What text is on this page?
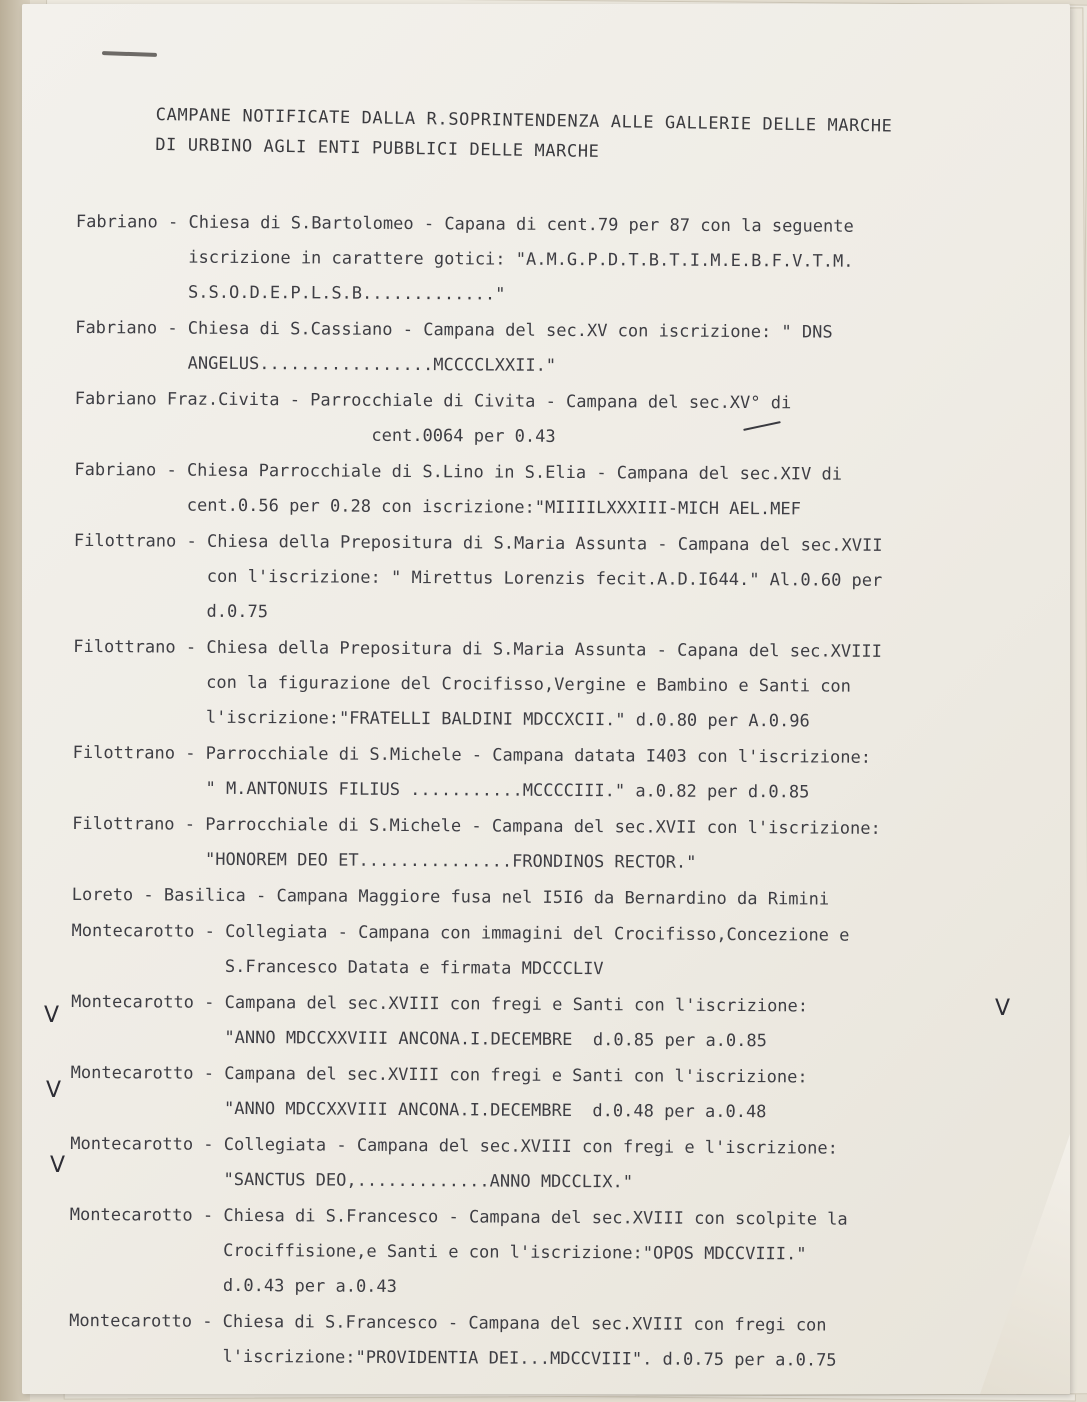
CAMPANE NOTIFICATE DALLA R.SOPRINTENDENZA ALLE GALLERIE DELLE MARCHE
DI URBINO AGLI ENTI PUBBLICI DELLE MARCHE
Fabriano - Chiesa di S.Bartolomeo - Capana di cent.79 per 87 con la seguente
iscrizione in carattere gotici: "A.M.G.P.D.T.B.T.I.M.E.B.F.V.T.M.
S.S.O.D.E.P.L.S.B............."
Fabriano - Chiesa di S.Cassiano - Campana del sec.XV con iscrizione: " DNS
ANGELUS.................MCCCCLXXII."
Fabriano Fraz.Civita - Parrocchiale di Civita - Campana del sec.XV° di
cent.0064 per 0.43
Fabriano - Chiesa Parrocchiale di S.Lino in S.Elia - Campana del sec.XIV di
cent.0.56 per 0.28 con iscrizione:"MIIIILXXXIII-MICH AEL.MEF
Filottrano - Chiesa della Prepositura di S.Maria Assunta - Campana del sec.XVII
con l'iscrizione: " Mirettus Lorenzis fecit.A.D.I644." Al.0.60 per
d.0.75
Filottrano - Chiesa della Prepositura di S.Maria Assunta - Capana del sec.XVIII
con la figurazione del Crocifisso,Vergine e Bambino e Santi con
l'iscrizione:"FRATELLI BALDINI MDCCXCII." d.0.80 per A.0.96
Filottrano - Parrocchiale di S.Michele - Campana datata I403 con l'iscrizione:
" M.ANTONUIS FILIUS ...........MCCCCIII." a.0.82 per d.0.85
Filottrano - Parrocchiale di S.Michele - Campana del sec.XVII con l'iscrizione:
"HONOREM DEO ET...............FRONDINOS RECTOR."
Loreto - Basilica - Campana Maggiore fusa nel I5I6 da Bernardino da Rimini
Montecarotto - Collegiata - Campana con immagini del Crocifisso,Concezione e
S.Francesco Datata e firmata MDCCCLIV
Montecarotto - Campana del sec.XVIII con fregi e Santi con l'iscrizione:
"ANNO MDCCXXVIII ANCONA.I.DECEMBRE  d.0.85 per a.0.85
Montecarotto - Campana del sec.XVIII con fregi e Santi con l'iscrizione:
"ANNO MDCCXXVIII ANCONA.I.DECEMBRE  d.0.48 per a.0.48
Montecarotto - Collegiata - Campana del sec.XVIII con fregi e l'iscrizione:
"SANCTUS DEO,.............ANNO MDCCLIX."
Montecarotto - Chiesa di S.Francesco - Campana del sec.XVIII con scolpite la
Crociffisione,e Santi e con l'iscrizione:"OPOS MDCCVIII."
d.0.43 per a.0.43
Montecarotto - Chiesa di S.Francesco - Campana del sec.XVIII con fregi con
l'iscrizione:"PROVIDENTIA DEI...MDCCVIII". d.0.75 per a.0.75
V	V
V
V
